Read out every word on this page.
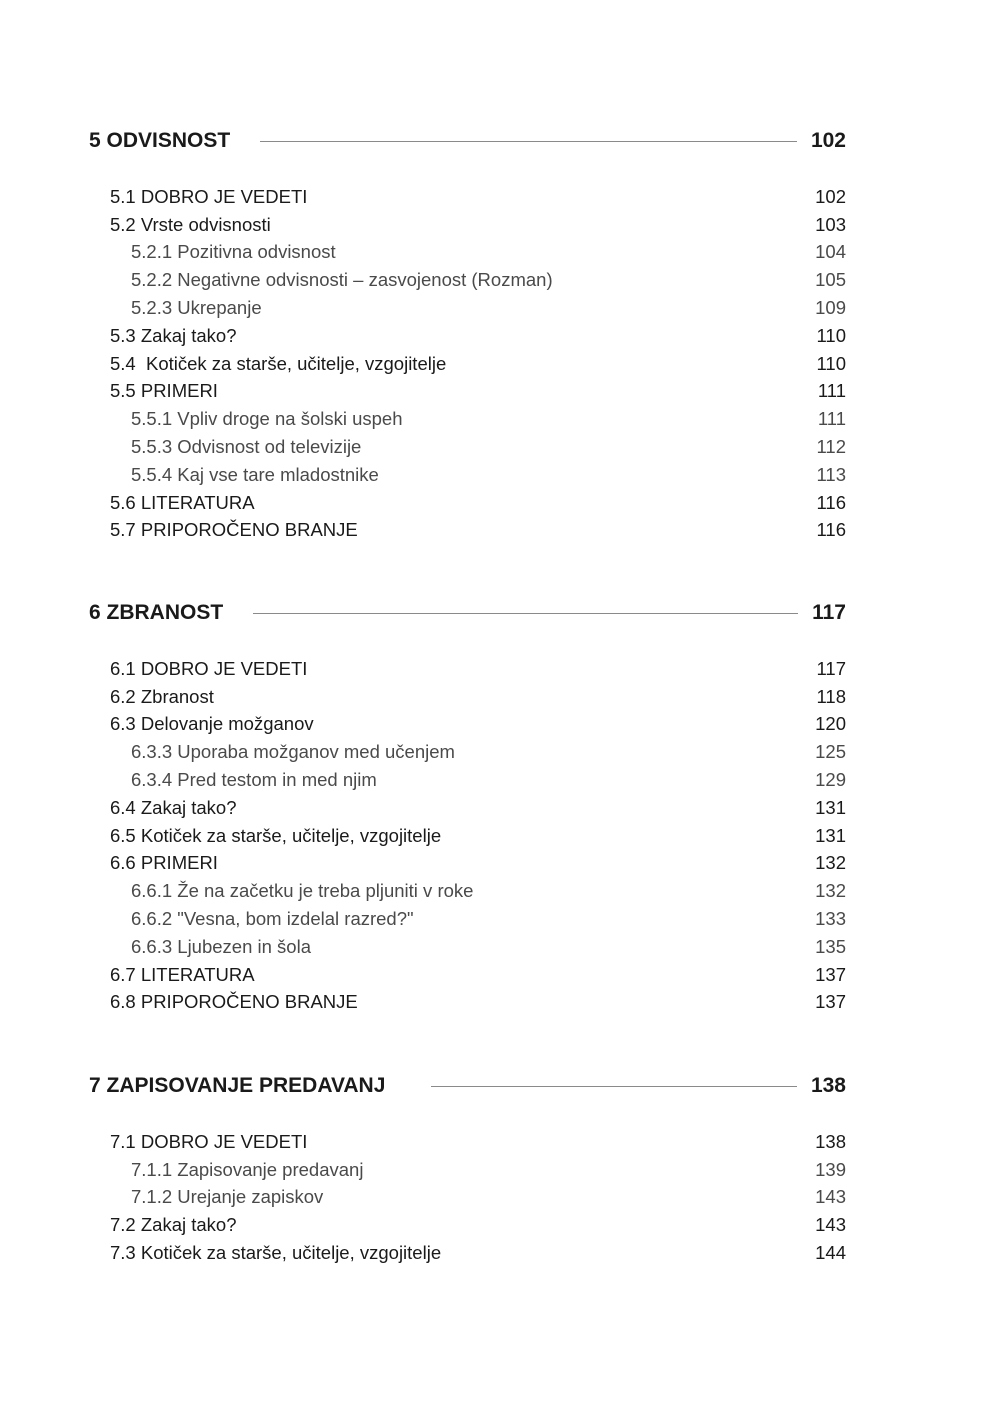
5 ODVISNOST	102
5.1 DOBRO JE VEDETI	102
5.2 Vrste odvisnosti	103
5.2.1 Pozitivna odvisnost	104
5.2.2 Negativne odvisnosti – zasvojenost (Rozman)	105
5.2.3 Ukrepanje	109
5.3 Zakaj tako?	110
5.4  Kotiček za starše, učitelje, vzgojitelje	110
5.5 PRIMERI	111
5.5.1 Vpliv droge na šolski uspeh	111
5.5.3 Odvisnost od televizije	112
5.5.4 Kaj vse tare mladostnike	113
5.6 LITERATURA	116
5.7 PRIPOROČENO BRANJE	116
6 ZBRANOST	117
6.1 DOBRO JE VEDETI	117
6.2 Zbranost	118
6.3 Delovanje možganov	120
6.3.3 Uporaba možganov med učenjem	125
6.3.4 Pred testom in med njim	129
6.4 Zakaj tako?	131
6.5 Kotiček za starše, učitelje, vzgojitelje	131
6.6 PRIMERI	132
6.6.1 Že na začetku je treba pljuniti v roke	132
6.6.2 "Vesna, bom izdelal razred?"	133
6.6.3 Ljubezen in šola	135
6.7 LITERATURA	137
6.8 PRIPOROČENO BRANJE	137
7 ZAPISOVANJE PREDAVANJ	138
7.1 DOBRO JE VEDETI	138
7.1.1 Zapisovanje predavanj	139
7.1.2 Urejanje zapiskov	143
7.2 Zakaj tako?	143
7.3 Kotiček za starše, učitelje, vzgojitelje	144
